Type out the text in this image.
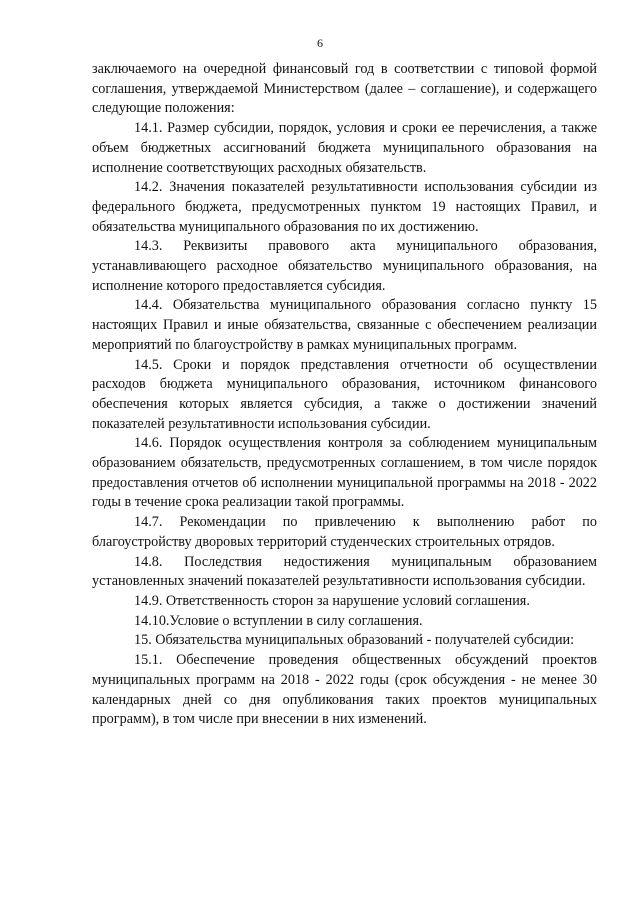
6

заключаемого на очередной финансовый год в соответствии с типовой формой соглашения, утверждаемой Министерством (далее – соглашение), и содержащего следующие положения:

14.1. Размер субсидии, порядок, условия и сроки ее перечисления, а также объем бюджетных ассигнований бюджета муниципального образования на исполнение соответствующих расходных обязательств.

14.2. Значения показателей результативности использования субсидии из федерального бюджета, предусмотренных пунктом 19 настоящих Правил, и обязательства муниципального образования по их достижению.

14.3. Реквизиты правового акта муниципального образования, устанавливающего расходное обязательство муниципального образования, на исполнение которого предоставляется субсидия.

14.4. Обязательства муниципального образования согласно пункту 15 настоящих Правил и иные обязательства, связанные с обеспечением реализации мероприятий по благоустройству в рамках муниципальных программ.

14.5. Сроки и порядок представления отчетности об осуществлении расходов бюджета муниципального образования, источником финансового обеспечения которых является субсидия, а также о достижении значений показателей результативности использования субсидии.

14.6. Порядок осуществления контроля за соблюдением муниципальным образованием обязательств, предусмотренных соглашением, в том числе порядок предоставления отчетов об исполнении муниципальной программы на 2018 - 2022 годы в течение срока реализации такой программы.

14.7. Рекомендации по привлечению к выполнению работ по благоустройству дворовых территорий студенческих строительных отрядов.

14.8. Последствия недостижения муниципальным образованием установленных значений показателей результативности использования субсидии.

14.9. Ответственность сторон за нарушение условий соглашения.

14.10.Условие о вступлении в силу соглашения.

15. Обязательства муниципальных образований - получателей субсидии:

15.1. Обеспечение проведения общественных обсуждений проектов муниципальных программ на 2018 - 2022 годы (срок обсуждения - не менее 30 календарных дней со дня опубликования таких проектов муниципальных программ), в том числе при внесении в них изменений.
